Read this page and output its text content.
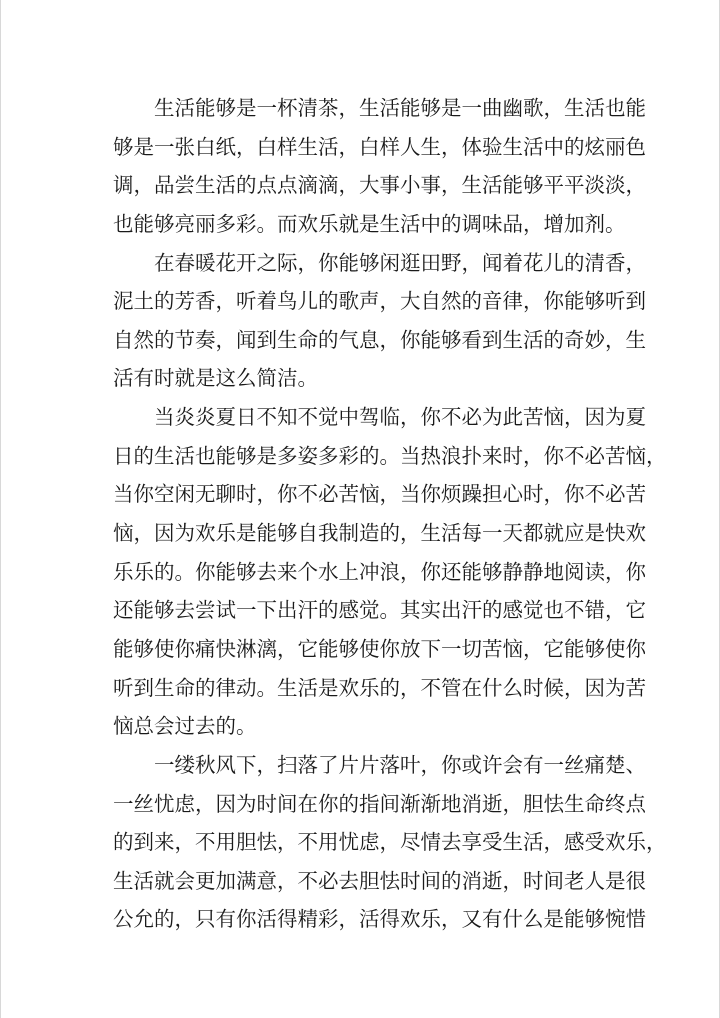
生活能够是一杯清茶，生活能够是一曲幽歌，生活也能
够是一张白纸，白样生活，白样人生，体验生活中的炫丽色
调，品尝生活的点点滴滴，大事小事，生活能够平平淡淡，
也能够亮丽多彩。而欢乐就是生活中的调味品，增加剂。
在春暖花开之际，你能够闲逛田野，闻着花儿的清香，
泥土的芳香，听着鸟儿的歌声，大自然的音律，你能够听到
自然的节奏，闻到生命的气息，你能够看到生活的奇妙，生
活有时就是这么简洁。
当炎炎夏日不知不觉中驾临，你不必为此苦恼，因为夏
日的生活也能够是多姿多彩的。当热浪扑来时，你不必苦恼，
当你空闲无聊时，你不必苦恼，当你烦躁担心时，你不必苦
恼，因为欢乐是能够自我制造的，生活每一天都就应是快欢
乐乐的。你能够去来个水上冲浪，你还能够静静地阅读，你
还能够去尝试一下出汗的感觉。其实出汗的感觉也不错，它
能够使你痛快淋漓，它能够使你放下一切苦恼，它能够使你
听到生命的律动。生活是欢乐的，不管在什么时候，因为苦
恼总会过去的。
一缕秋风下，扫落了片片落叶，你或许会有一丝痛楚、
一丝忧虑，因为时间在你的指间渐渐地消逝，胆怯生命终点
的到来，不用胆怯，不用忧虑，尽情去享受生活，感受欢乐，
生活就会更加满意，不必去胆怯时间的消逝，时间老人是很
公允的，只有你活得精彩，活得欢乐，又有什么是能够惋惜
